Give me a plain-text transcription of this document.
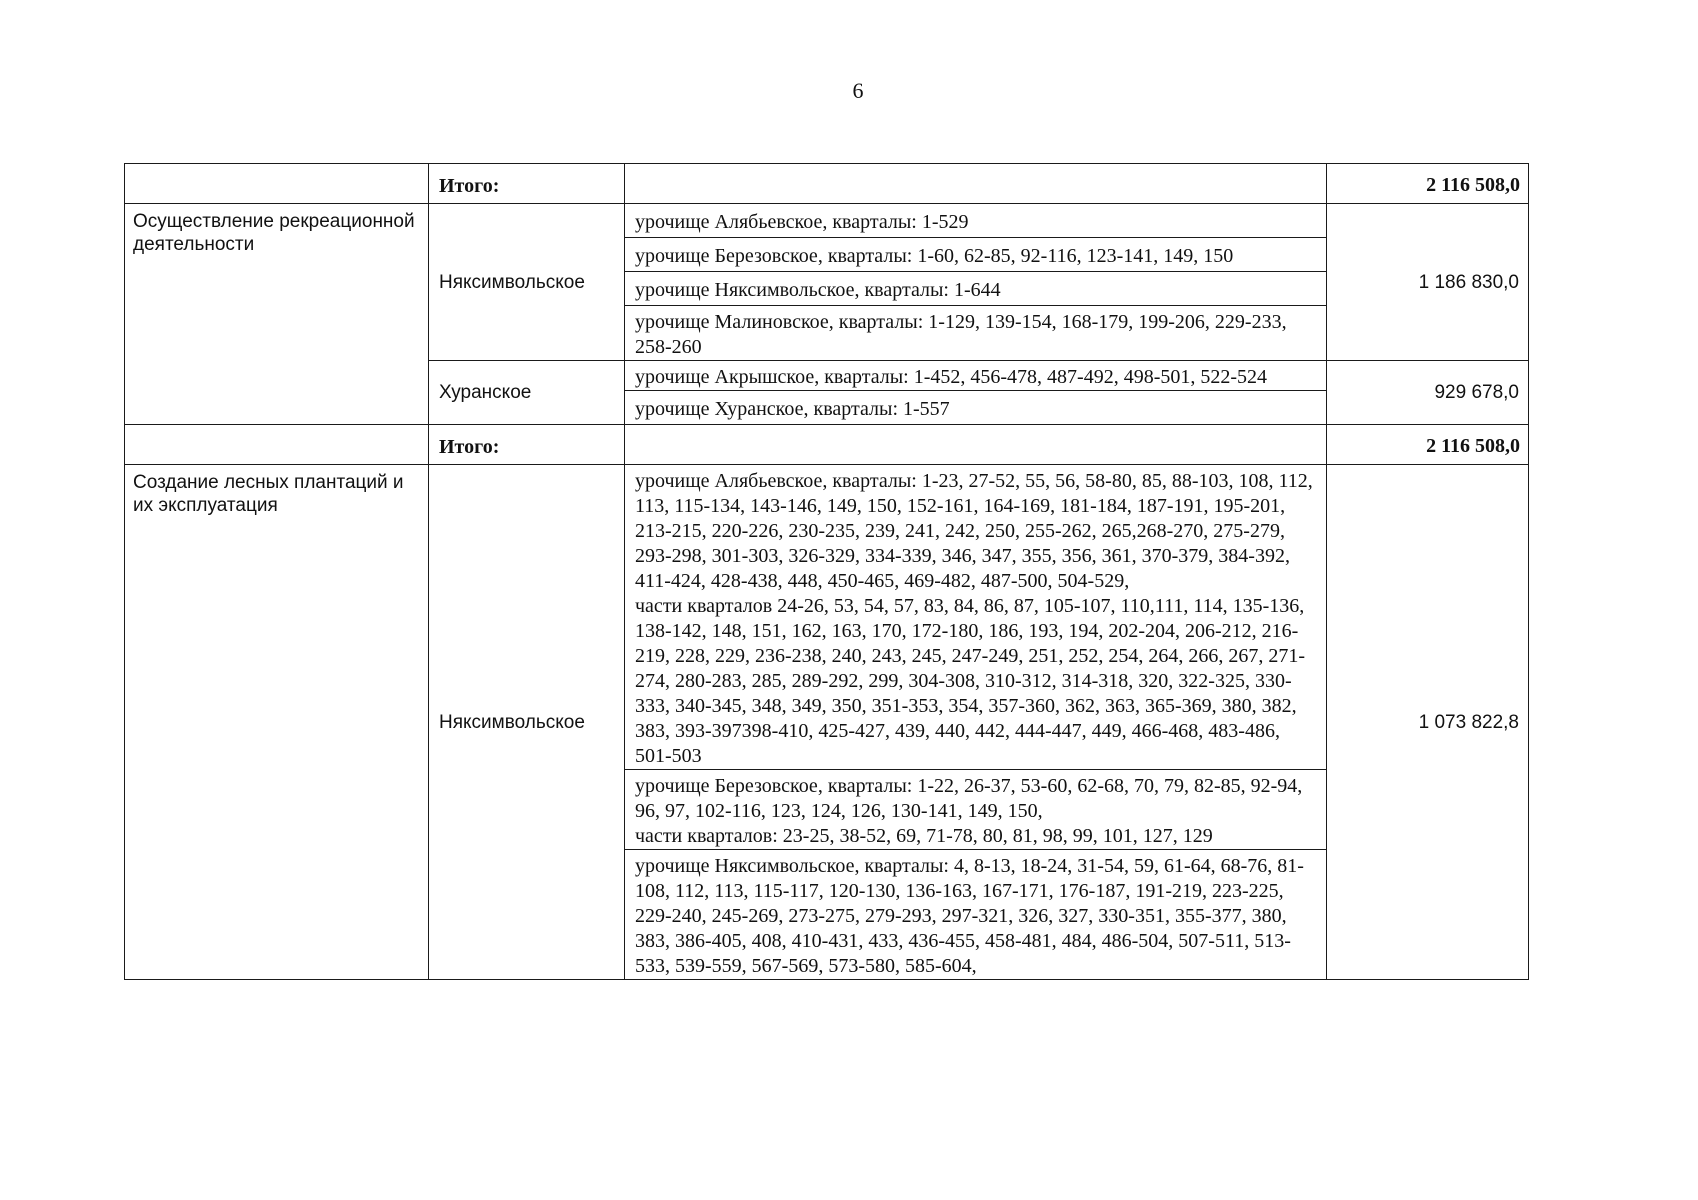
6
	Итого:		2 116 508,0
Осуществление рекреационной деятельности	Няксимвольское	урочище Алябьевское, кварталы: 1-529	1 186 830,0

		урочище Березовское, кварталы: 1-60, 62-85, 92-116, 123-141, 149, 150	

		урочище Няксимвольское, кварталы: 1-644	

		урочище Малиновское, кварталы: 1-129, 139-154, 168-179, 199-206, 229-233, 258-260	

	Хуранское	урочище Акрышское, кварталы: 1-452, 456-478, 487-492, 498-501, 522-524	929 678,0

		урочище Хуранское, кварталы: 1-557	

	Итого:		2 116 508,0
Создание лесных плантаций и их эксплуатация	Няксимвольское	урочище Алябьевское, кварталы: 1-23, 27-52, 55, 56, 58-80, 85, 88-103, 108, 112, 113, 115-134, 143-146, 149, 150, 152-161, 164-169, 181-184, 187-191, 195-201, 213-215, 220-226, 230-235, 239, 241, 242, 250, 255-262, 265,268-270, 275-279, 293-298, 301-303, 326-329, 334-339, 346, 347, 355, 356, 361, 370-379, 384-392, 411-424, 428-438, 448, 450-465, 469-482, 487-500, 504-529,
части кварталов 24-26, 53, 54, 57, 83, 84, 86, 87, 105-107, 110,111, 114, 135-136, 138-142, 148, 151, 162, 163, 170, 172-180, 186, 193, 194, 202-204, 206-212, 216-219, 228, 229, 236-238, 240, 243, 245, 247-249, 251, 252, 254, 264, 266, 267, 271-274, 280-283, 285, 289-292, 299, 304-308, 310-312, 314-318, 320, 322-325, 330-333, 340-345, 348, 349, 350, 351-353, 354, 357-360, 362, 363, 365-369, 380, 382, 383, 393-397398-410, 425-427, 439, 440, 442, 444-447, 449, 466-468, 483-486, 501-503	1 073 822,8

		урочище Березовское, кварталы: 1-22, 26-37, 53-60, 62-68, 70, 79, 82-85, 92-94, 96, 97, 102-116, 123, 124, 126, 130-141, 149, 150,
части кварталов: 23-25, 38-52, 69, 71-78, 80, 81, 98, 99, 101, 127, 129	

		урочище Няксимвольское, кварталы: 4, 8-13, 18-24, 31-54, 59, 61-64, 68-76, 81-108, 112, 113, 115-117, 120-130, 136-163, 167-171, 176-187, 191-219, 223-225, 229-240, 245-269, 273-275, 279-293, 297-321, 326, 327, 330-351, 355-377, 380, 383, 386-405, 408, 410-431, 433, 436-455, 458-481, 484, 486-504, 507-511, 513-533, 539-559, 567-569, 573-580, 585-604,	
